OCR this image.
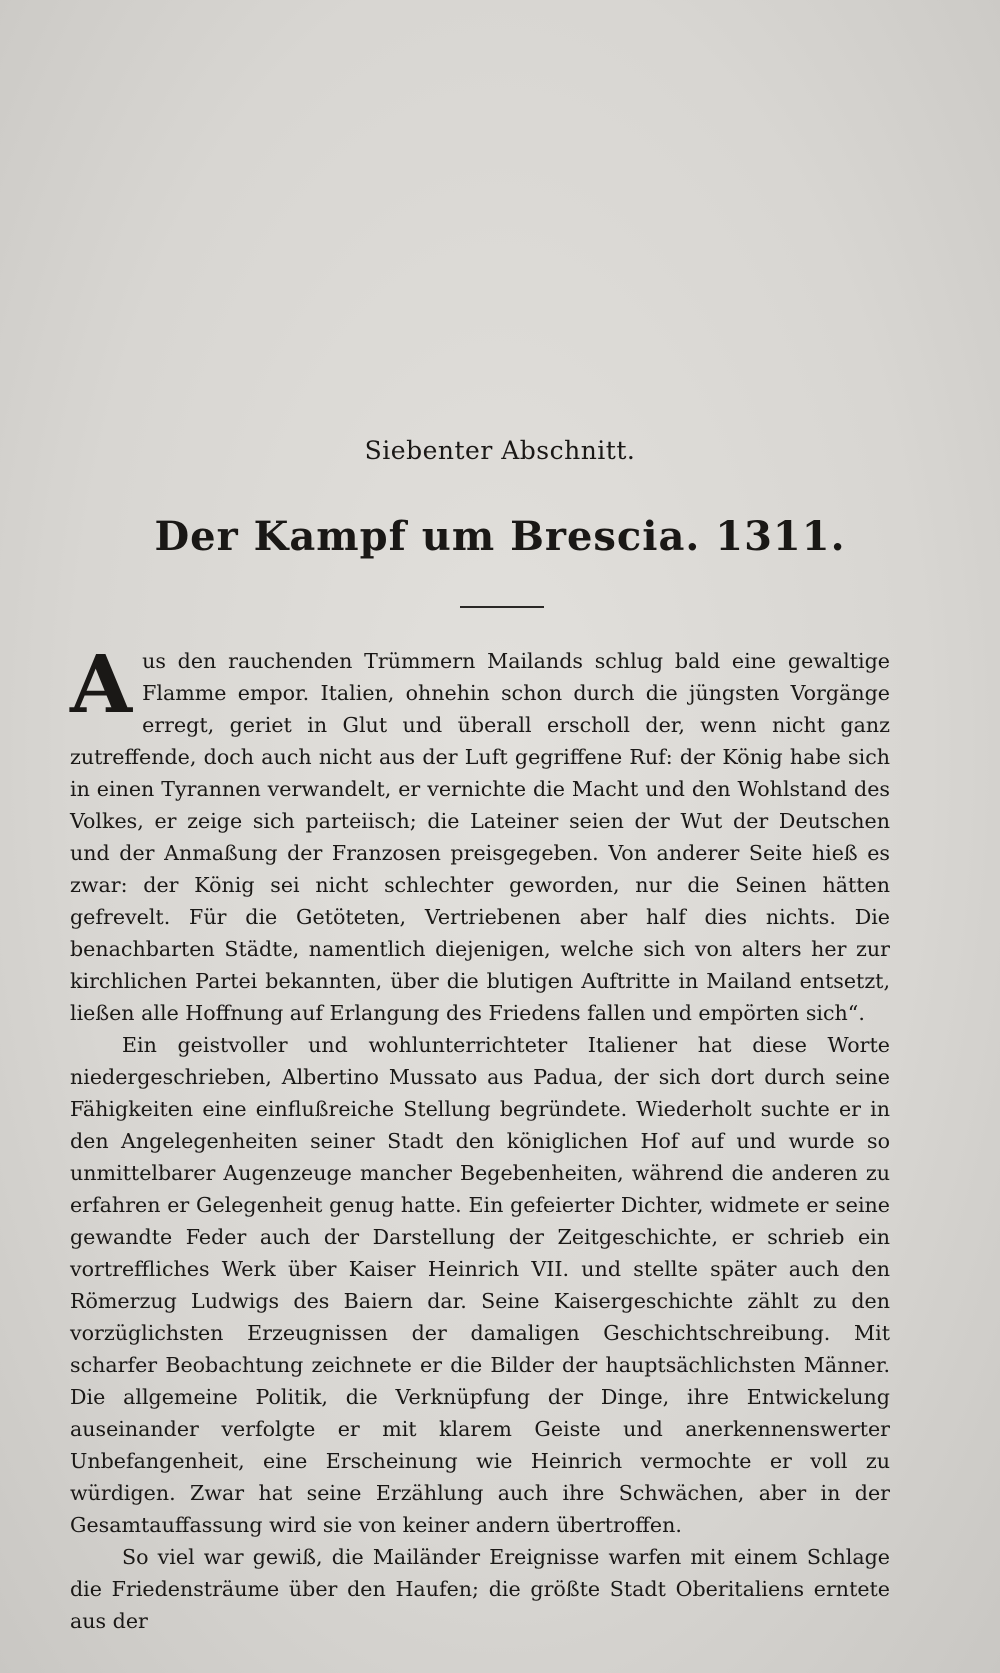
Siebenter Abschnitt.
Der Kampf um Brescia. 1311.

Aus den rauchenden Trümmern Mailands schlug bald eine gewaltige Flamme empor. Italien, ohnehin schon durch die jüngsten Vorgänge erregt, geriet in Glut und überall erscholl der, wenn nicht ganz zutreffende, doch auch nicht aus der Luft gegriffene Ruf: der König habe sich in einen Tyrannen verwandelt, er vernichte die Macht und den Wohlstand des Volkes, er zeige sich parteiisch; die Lateiner seien der Wut der Deutschen und der Anmaßung der Franzosen preisgegeben. Von anderer Seite hieß es zwar: der König sei nicht schlechter geworden, nur die Seinen hätten gefrevelt. Für die Getöteten, Vertriebenen aber half dies nichts. Die benachbarten Städte, namentlich diejenigen, welche sich von alters her zur kirchlichen Partei bekannten, über die blutigen Auftritte in Mailand entsetzt, ließen alle Hoffnung auf Erlangung des Friedens fallen und empörten sich“.

Ein geistvoller und wohlunterrichteter Italiener hat diese Worte niedergeschrieben, Albertino Mussato aus Padua, der sich dort durch seine Fähigkeiten eine einflußreiche Stellung begründete. Wiederholt suchte er in den Angelegenheiten seiner Stadt den königlichen Hof auf und wurde so unmittelbarer Augenzeuge mancher Begebenheiten, während die anderen zu erfahren er Gelegenheit genug hatte. Ein gefeierter Dichter, widmete er seine gewandte Feder auch der Darstellung der Zeitgeschichte, er schrieb ein vortreffliches Werk über Kaiser Heinrich VII. und stellte später auch den Römerzug Ludwigs des Baiern dar. Seine Kaisergeschichte zählt zu den vorzüglichsten Erzeugnissen der damaligen Geschichtschreibung. Mit scharfer Beobachtung zeichnete er die Bilder der hauptsächlichsten Männer. Die allgemeine Politik, die Verknüpfung der Dinge, ihre Entwickelung auseinander verfolgte er mit klarem Geiste und anerkennenswerter Unbefangenheit, eine Erscheinung wie Heinrich vermochte er voll zu würdigen. Zwar hat seine Erzählung auch ihre Schwächen, aber in der Gesamtauffassung wird sie von keiner andern übertroffen.

So viel war gewiß, die Mailänder Ereignisse warfen mit einem Schlage die Friedensträume über den Haufen; die größte Stadt Oberitaliens erntete aus der
